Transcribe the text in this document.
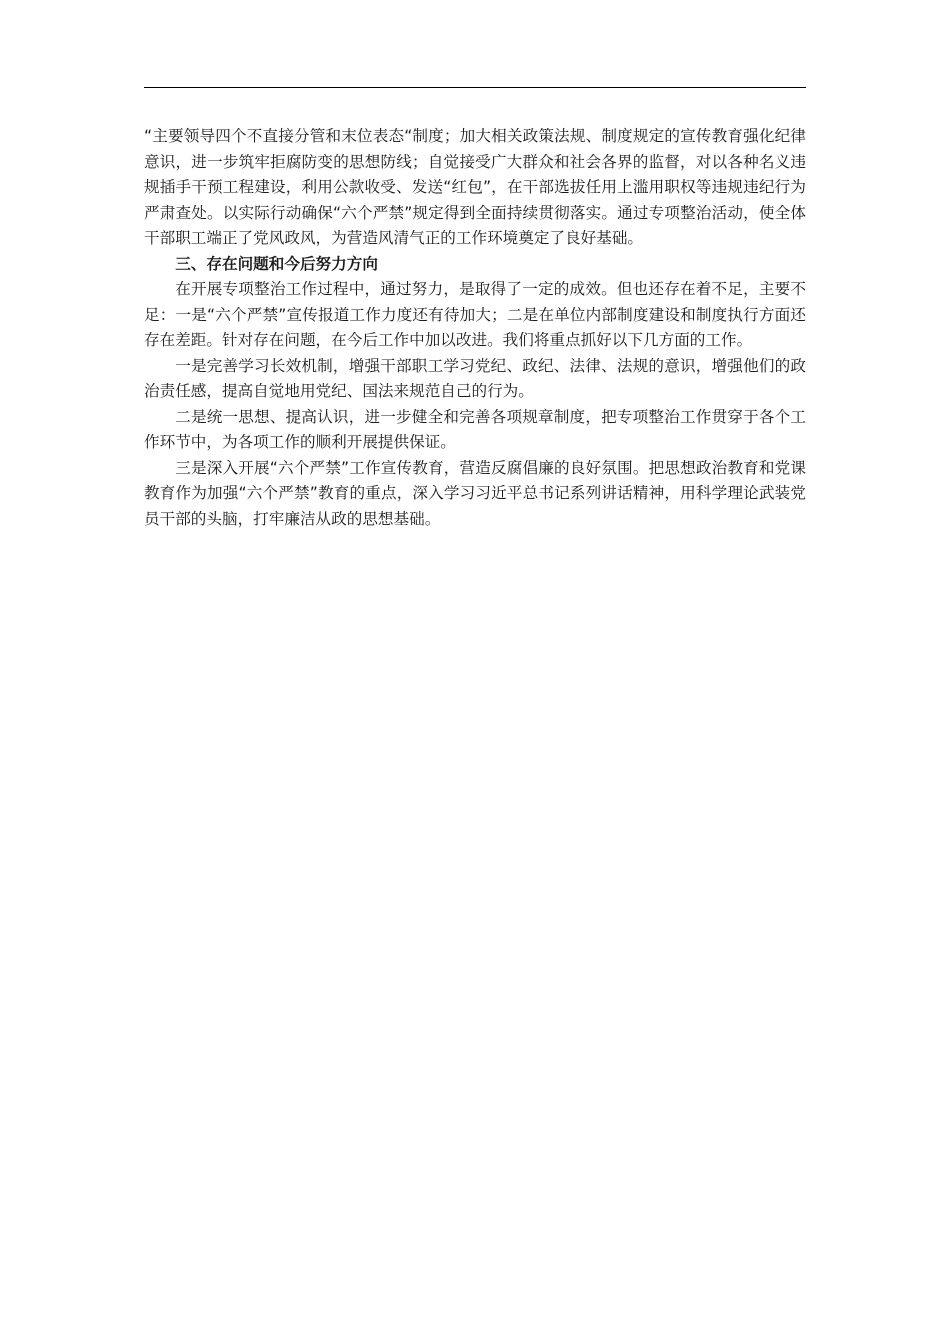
“主要领导四个不直接分管和末位表态“制度；加大相关政策法规、制度规定的宣传教育强化纪律意识，进一步筑牢拒腐防变的思想防线；自觉接受广大群众和社会各界的监督，对以各种名义违规插手干预工程建设，利用公款收受、发送“红包”，在干部选拔任用上滥用职权等违规违纪行为严肃查处。以实际行动确保“六个严禁”规定得到全面持续贯彻落实。通过专项整治活动，使全体干部职工端正了党风政风，为营造风清气正的工作环境奠定了良好基础。

三、存在问题和今后努力方向

在开展专项整治工作过程中，通过努力，是取得了一定的成效。但也还存在着不足，主要不足：一是“六个严禁”宣传报道工作力度还有待加大；二是在单位内部制度建设和制度执行方面还存在差距。针对存在问题，在今后工作中加以改进。我们将重点抓好以下几方面的工作。

一是完善学习长效机制，增强干部职工学习党纪、政纪、法律、法规的意识，增强他们的政治责任感，提高自觉地用党纪、国法来规范自己的行为。

二是统一思想、提高认识，进一步健全和完善各项规章制度，把专项整治工作贯穿于各个工作环节中，为各项工作的顺利开展提供保证。

三是深入开展“六个严禁”工作宣传教育，营造反腐倡廉的良好氛围。把思想政治教育和党课教育作为加强“六个严禁”教育的重点，深入学习习近平总书记系列讲话精神，用科学理论武装党员干部的头脑，打牢廉洁从政的思想基础。
